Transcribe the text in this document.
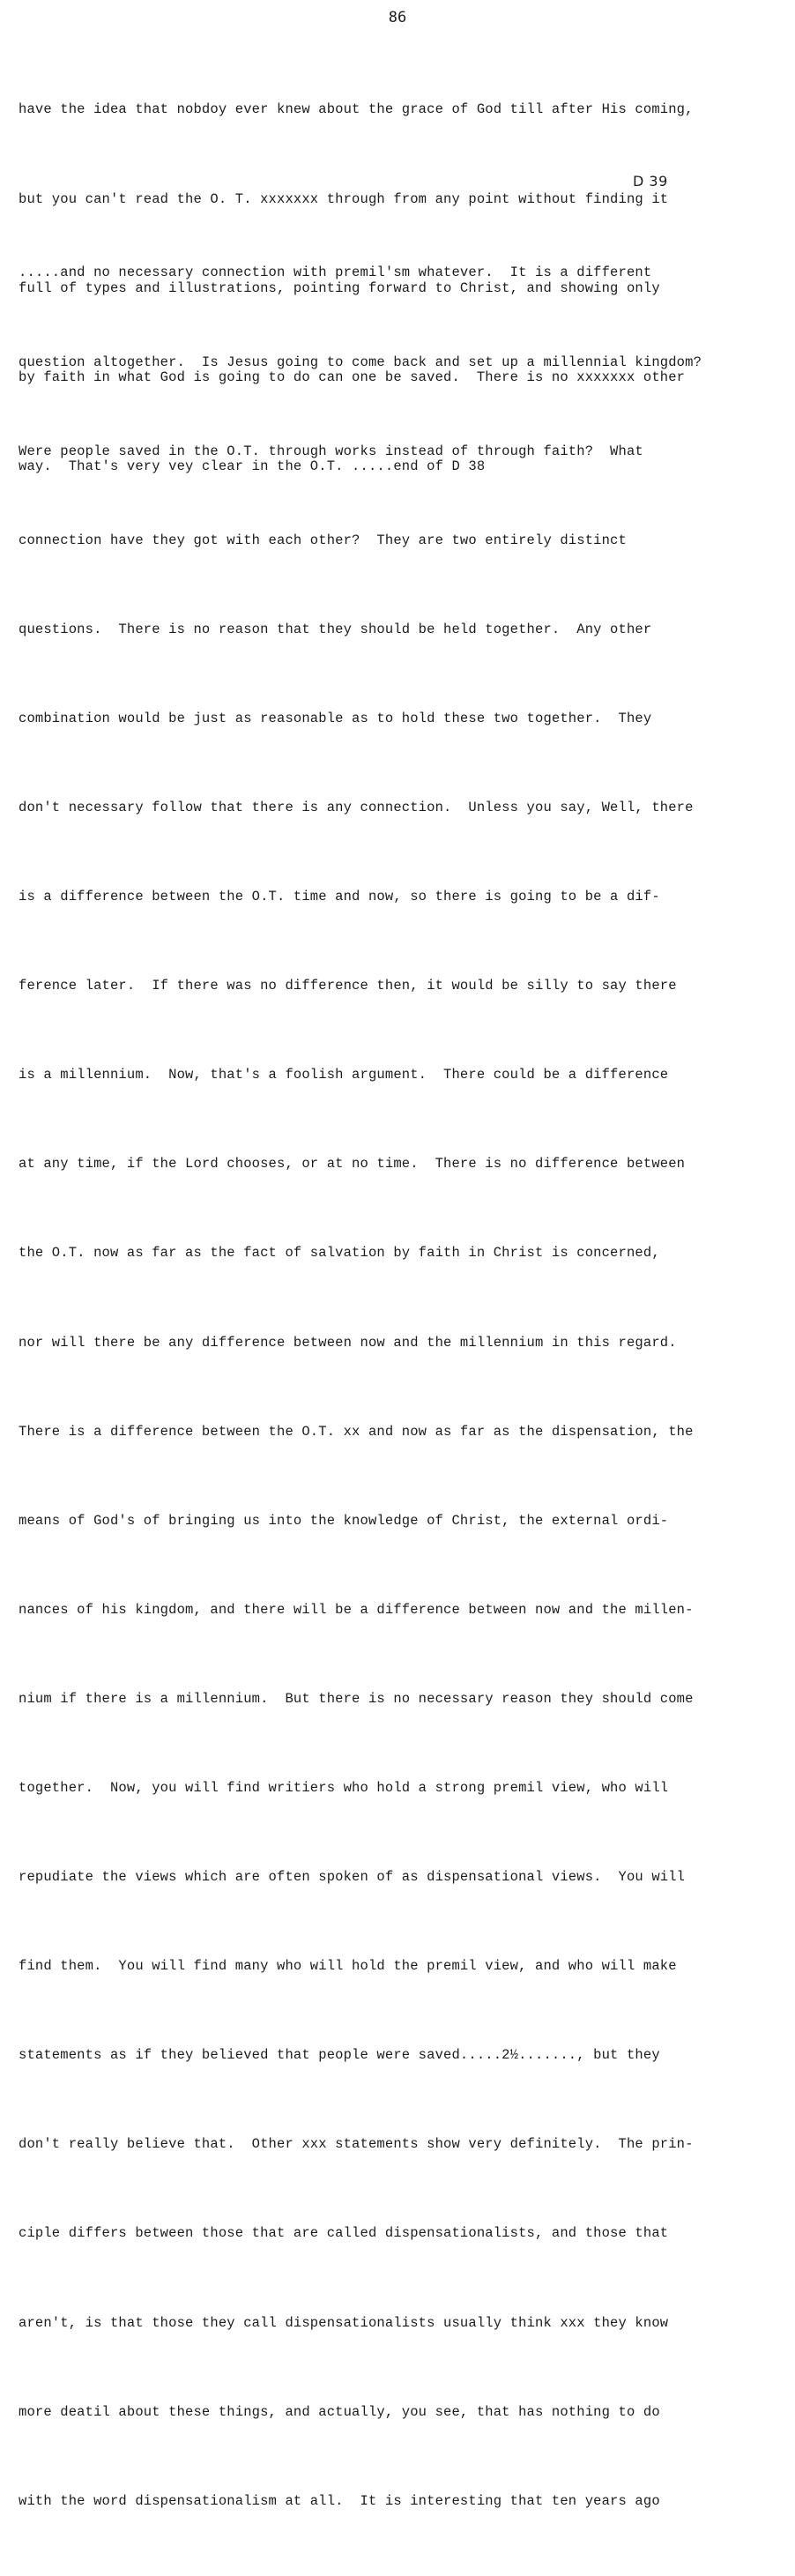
86

have the idea that nobdoy ever knew about the grace of God till after His coming,

but you can't read the O. T. xxxxxxx through from any point without finding it

full of types and illustrations, pointing forward to Christ, and showing only

by faith in what God is going to do can one be saved.  There is no xxxxxxx other

way.  That's very vey clear in the O.T. .....end of D 38

D 39

.....and no necessary connection with premil'sm whatever.  It is a different

question altogether.  Is Jesus going to come back and set up a millennial kingdom?

Were people saved in the O.T. through works instead of through faith?  What

connection have they got with each other?  They are two entirely distinct

questions.  There is no reason that they should be held together.  Any other

combination would be just as reasonable as to hold these two together.  They

don't necessary follow that there is any connection.  Unless you say, Well, there

is a difference between the O.T. time and now, so there is going to be a dif-

ference later.  If there was no difference then, it would be silly to say there

is a millennium.  Now, that's a foolish argument.  There could be a difference

at any time, if the Lord chooses, or at no time.  There is no difference between

the O.T. now as far as the fact of salvation by faith in Christ is concerned,

nor will there be any difference between now and the millennium in this regard.

There is a difference between the O.T. xx and now as far as the dispensation, the

means of God's of bringing us into the knowledge of Christ, the external ordi-

nances of his kingdom, and there will be a difference between now and the millen-

nium if there is a millennium.  But there is no necessary reason they should come

together.  Now, you will find writiers who hold a strong premil view, who will

repudiate the views which are often spoken of as dispensational views.  You will

find them.  You will find many who will hold the premil view, and who will make

statements as if they believed that people were saved.....2½......., but they

don't really believe that.  Other xxx statements show very definitely.  The prin-

ciple differs between those that are called dispensationalists, and those that

aren't, is that those they call dispensationalists usually think xxx they know

more deatil about these things, and actually, you see, that has nothing to do

with the word dispensationalism at all.  It is interesting that ten years ago
